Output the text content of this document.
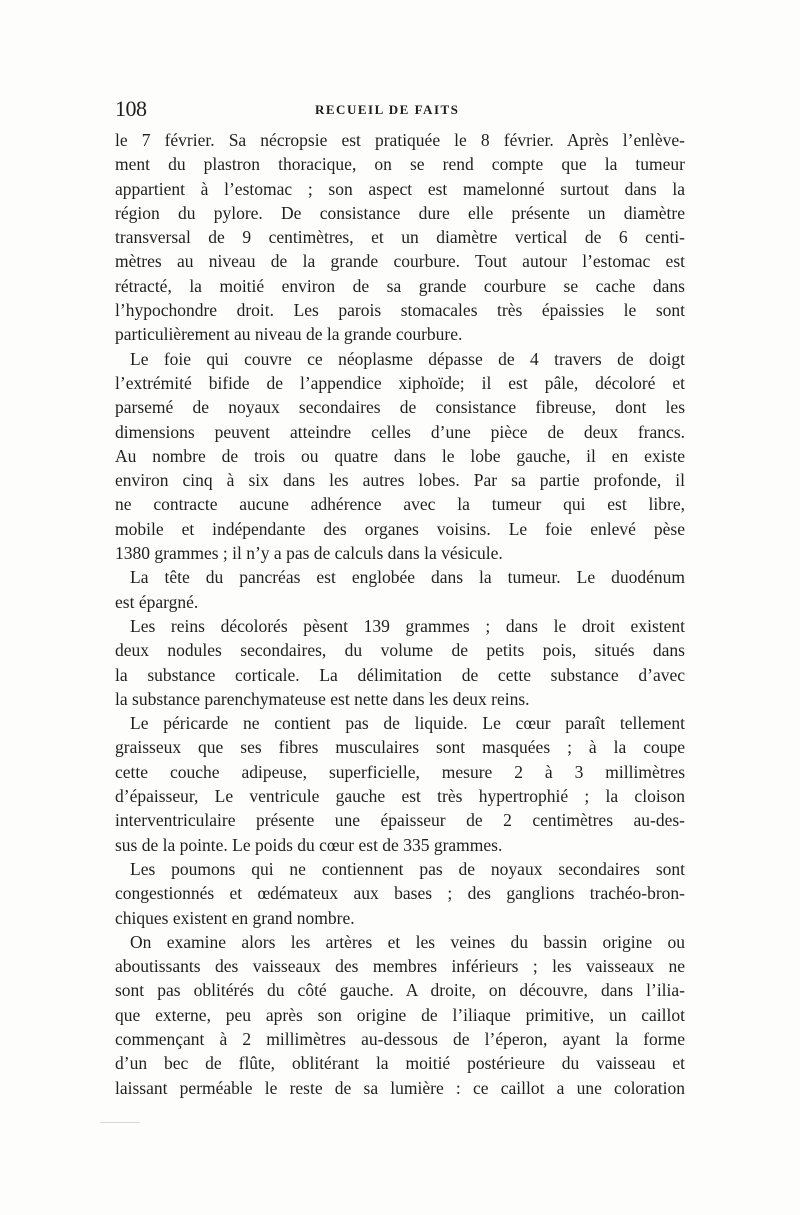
108	RECUEIL DE FAITS
le 7 février. Sa nécropsie est pratiquée le 8 février. Après l’enlève-
ment du plastron thoracique, on se rend compte que la tumeur
appartient à l’estomac ; son aspect est mamelonné surtout dans la
région du pylore. De consistance dure elle présente un diamètre
transversal de 9 centimètres, et un diamètre vertical de 6 centi-
mètres au niveau de la grande courbure. Tout autour l’estomac est
rétracté, la moitié environ de sa grande courbure se cache dans
l’hypochondre droit. Les parois stomacales très épaissies le sont
particulièrement au niveau de la grande courbure.
Le foie qui couvre ce néoplasme dépasse de 4 travers de doigt
l’extrémité bifide de l’appendice xiphoïde; il est pâle, décoloré et
parsemé de noyaux secondaires de consistance fibreuse, dont les
dimensions peuvent atteindre celles d’une pièce de deux francs.
Au nombre de trois ou quatre dans le lobe gauche, il en existe
environ cinq à six dans les autres lobes. Par sa partie profonde, il
ne contracte aucune adhérence avec la tumeur qui est libre,
mobile et indépendante des organes voisins. Le foie enlevé pèse
1380 grammes ; il n’y a pas de calculs dans la vésicule.
La tête du pancréas est englobée dans la tumeur. Le duodénum
est épargné.
Les reins décolorés pèsent 139 grammes ; dans le droit existent
deux nodules secondaires, du volume de petits pois, situés dans
la substance corticale. La délimitation de cette substance d’avec
la substance parenchymateuse est nette dans les deux reins.
Le péricarde ne contient pas de liquide. Le cœur paraît tellement
graisseux que ses fibres musculaires sont masquées ; à la coupe
cette couche adipeuse, superficielle, mesure 2 à 3 millimètres
d’épaisseur, Le ventricule gauche est très hypertrophié ; la cloison
interventriculaire présente une épaisseur de 2 centimètres au-des-
sus de la pointe. Le poids du cœur est de 335 grammes.
Les poumons qui ne contiennent pas de noyaux secondaires sont
congestionnés et œdémateux aux bases ; des ganglions trachéo-bron-
chiques existent en grand nombre.
On examine alors les artères et les veines du bassin origine ou
aboutissants des vaisseaux des membres inférieurs ; les vaisseaux ne
sont pas oblitérés du côté gauche. A droite, on découvre, dans l’ilia-
que externe, peu après son origine de l’iliaque primitive, un caillot
commençant à 2 millimètres au-dessous de l’éperon, ayant la forme
d’un bec de flûte, oblitérant la moitié postérieure du vaisseau et
laissant perméable le reste de sa lumière : ce caillot a une coloration
